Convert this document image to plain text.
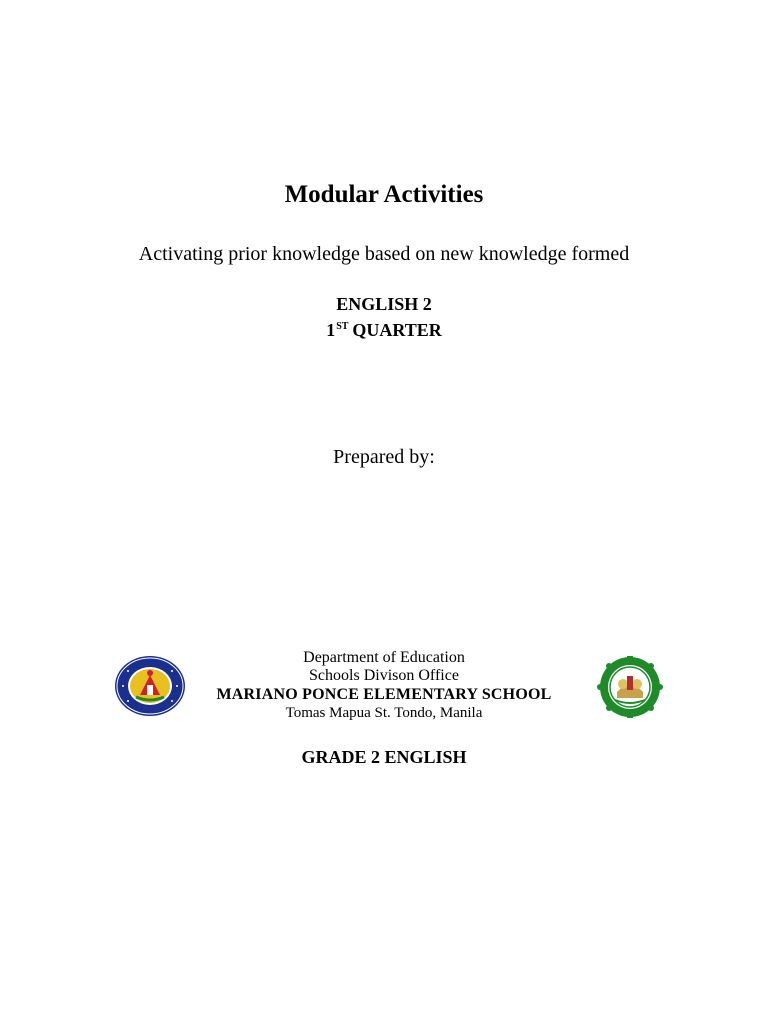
Modular Activities
Activating prior knowledge based on new knowledge formed
ENGLISH 2
1ST QUARTER
Prepared by:
Department of Education
Schools Divison Office
MARIANO PONCE ELEMENTARY SCHOOL
Tomas Mapua St. Tondo, Manila
GRADE 2 ENGLISH
